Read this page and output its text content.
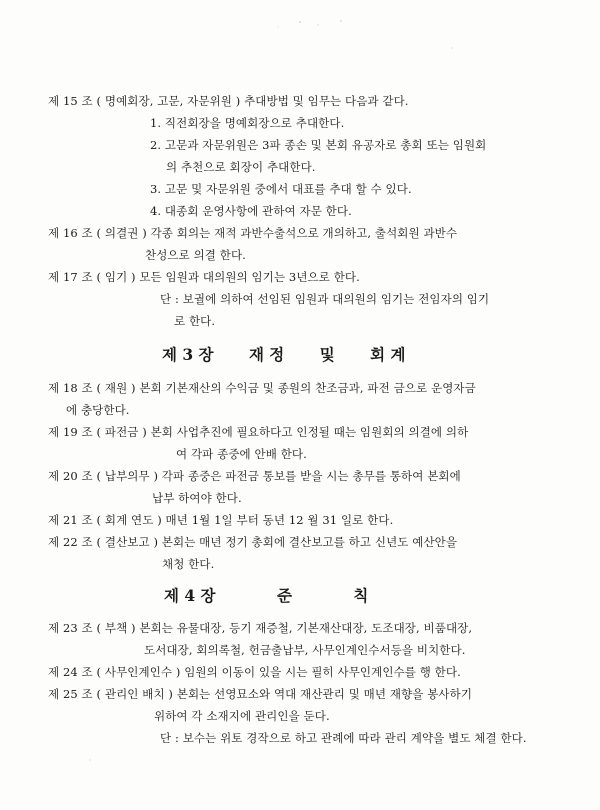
제 15 조 ( 명예회장, 고문, 자문위원 ) 추대방법 및 임무는 다음과 같다.
1. 직전회장을 명예회장으로 추대한다.
2. 고문과 자문위원은 3파 종손 및 본회 유공자로 총회 또는 임원회
의 추천으로 회장이 추대한다.
3. 고문 및 자문위원 중에서 대표를 추대 할 수 있다.
4. 대종회 운영사항에 관하여 자문 한다.
제 16 조 ( 의결권 ) 각종 회의는 재적 과반수출석으로 개의하고, 출석회원 과반수
찬성으로 의결 한다.
제 17 조 ( 임기 ) 모든 임원과 대의원의 임기는 3년으로 한다.
단 : 보궐에 의하여 선임된 임원과 대의원의 임기는 전임자의 임기
로 한다.
제 3 장 재 정 및 회 계
제 18 조 ( 재원 ) 본회 기본재산의 수익금 및 종원의 찬조금과, 파전 금으로 운영자금
에 충당한다.
제 19 조 ( 파전금 ) 본회 사업추진에 필요하다고 인정될 때는 임원회의 의결에 의하
여 각파 종중에 안배 한다.
제 20 조 ( 납부의무 ) 각파 종중은 파전금 통보를 받을 시는 총무를 통하여 본회에
납부 하여야 한다.
제 21 조 ( 회계 연도 ) 매년 1월 1일 부터 동년 12 월 31 일로 한다.
제 22 조 ( 결산보고 ) 본회는 매년 정기 총회에 결산보고를 하고 신년도 예산안을
채청 한다.
제 4 장	준	칙
제 23 조 ( 부책 ) 본회는 유물대장, 등기 재증철, 기본재산대장, 도조대장, 비품대장,
도서대장, 회의록철, 헌금출납부, 사무인계인수서등을 비치한다.
제 24 조 ( 사무인계인수 ) 임원의 이동이 있을 시는 필히 사무인계인수를 행 한다.
제 25 조 ( 관리인 배치 ) 본회는 선영묘소와 역대 재산관리 및 매년 재향을 봉사하기
위하여 각 소재지에 관리인을 둔다.
단 : 보수는 위토 경작으로 하고 관례에 따라 관리 계약을 별도 체결 한다.
